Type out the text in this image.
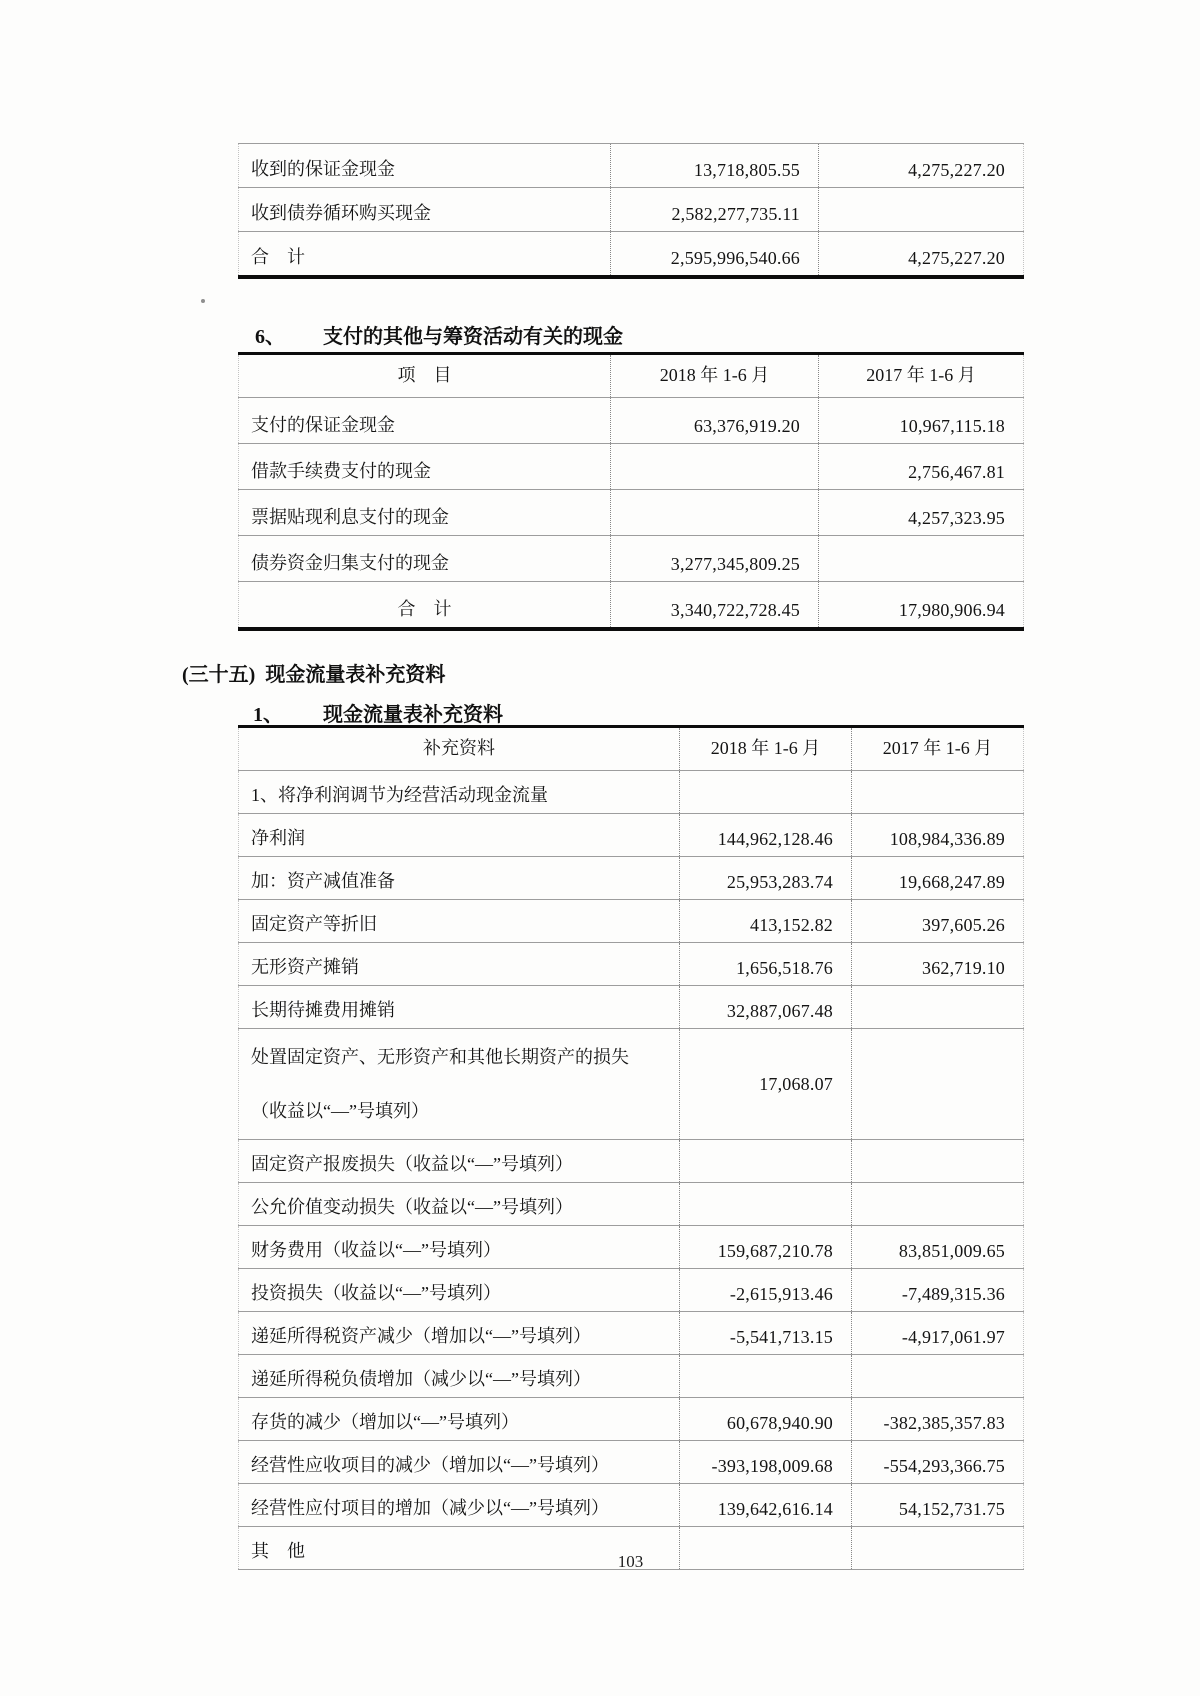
收到的保证金现金	13,718,805.55	4,275,227.20
收到债券循环购买现金	2,582,277,735.11	
合　计	2,595,996,540.66	4,275,227.20
6、 支付的其他与筹资活动有关的现金
项　目	2018 年 1-6 月	2017 年 1-6 月
支付的保证金现金	63,376,919.20	10,967,115.18
借款手续费支付的现金		2,756,467.81
票据贴现利息支付的现金		4,257,323.95
债券资金归集支付的现金	3,277,345,809.25	
合　计	3,340,722,728.45	17,980,906.94
(三十五) 现金流量表补充资料
1、 现金流量表补充资料
补充资料	2018 年 1-6 月	2017 年 1-6 月
1、将净利润调节为经营活动现金流量		
净利润	144,962,128.46	108,984,336.89
加：资产减值准备	25,953,283.74	19,668,247.89
固定资产等折旧	413,152.82	397,605.26
无形资产摊销	1,656,518.76	362,719.10
长期待摊费用摊销	32,887,067.48	

处置固定资产、无形资产和其他长期资产的损失
（收益以“—”号填列）	17,068.07	
固定资产报废损失（收益以“—”号填列）		
公允价值变动损失（收益以“—”号填列）		
财务费用（收益以“—”号填列）	159,687,210.78	83,851,009.65
投资损失（收益以“—”号填列）	-2,615,913.46	-7,489,315.36
递延所得税资产减少（增加以“—”号填列）	-5,541,713.15	-4,917,061.97
递延所得税负债增加（减少以“—”号填列）		
存货的减少（增加以“—”号填列）	60,678,940.90	-382,385,357.83
经营性应收项目的减少（增加以“—”号填列）	-393,198,009.68	-554,293,366.75
经营性应付项目的增加（减少以“—”号填列）	139,642,616.14	54,152,731.75
其　他		
103
